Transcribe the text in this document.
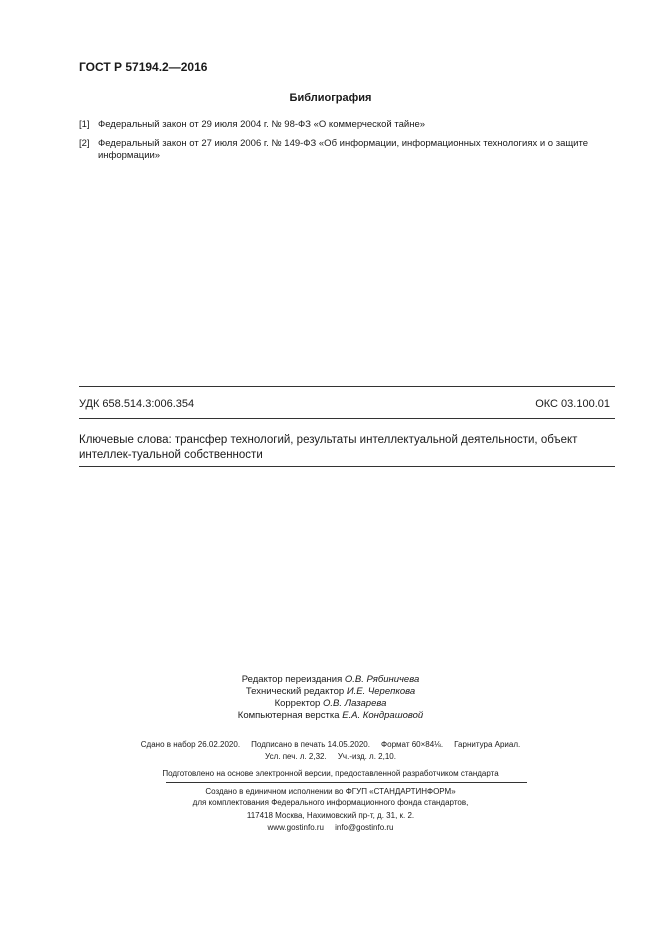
ГОСТ Р 57194.2—2016
Библиография
[1] Федеральный закон от 29 июля 2004 г. № 98-ФЗ «О коммерческой тайне»
[2] Федеральный закон от 27 июля 2006 г. № 149-ФЗ «Об информации, информационных технологиях и о защите информации»
УДК 658.514.3:006.354	ОКС 03.100.01
Ключевые слова: трансфер технологий, результаты интеллектуальной деятельности, объект интеллек-туальной собственности
Редактор переиздания О.В. Рябиничева
Технический редактор И.Е. Черепкова
Корректор О.В. Лазарева
Компьютерная верстка Е.А. Кондрашовой
Сдано в набор 26.02.2020.     Подписано в печать 14.05.2020.     Формат 60×84⅛.     Гарнитура Ариал.
Усл. печ. л. 2,32.     Уч.-изд. л. 2,10.
Подготовлено на основе электронной версии, предоставленной разработчиком стандарта
Создано в единичном исполнении во ФГУП «СТАНДАРТИНФОРМ»
для комплектования Федерального информационного фонда стандартов,
117418 Москва, Нахимовский пр-т, д. 31, к. 2.
www.gostinfo.ru     info@gostinfo.ru
